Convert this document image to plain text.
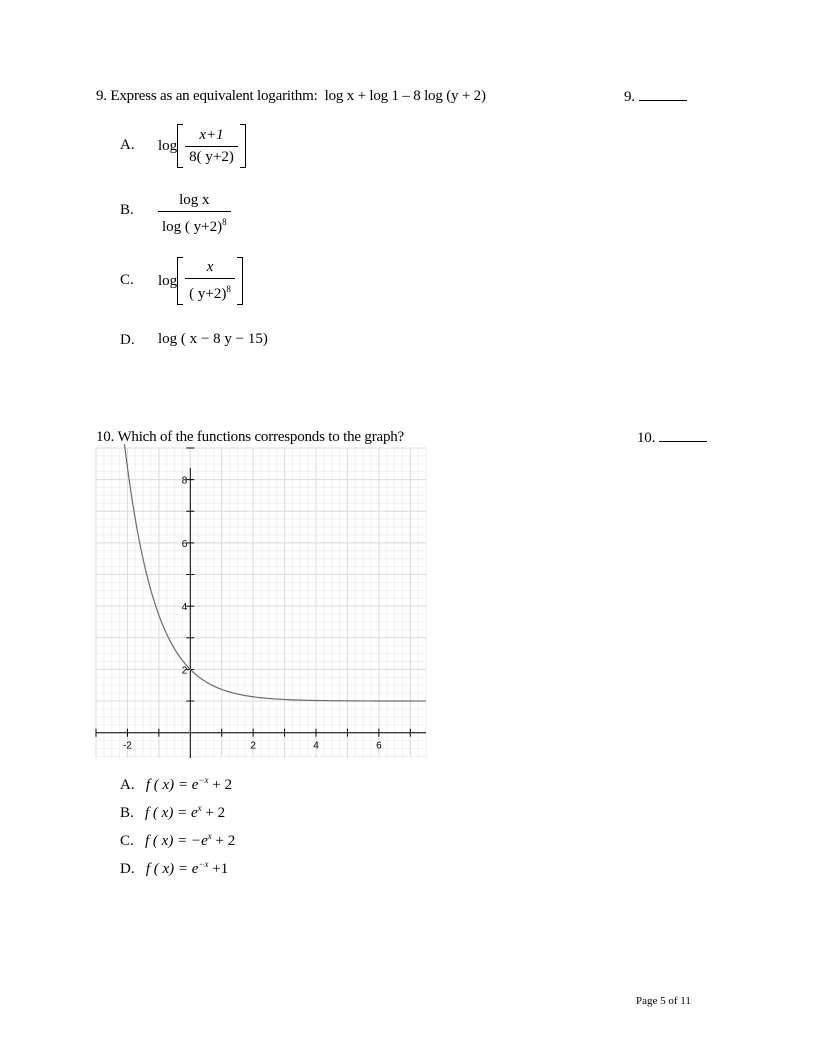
9. Express as an equivalent logarithm: log x + log 1 – 8 log (y + 2)	9.
A. $\log \frac{x+1}{8( y+2)}$
B. $\frac{\text{log x}}{\log ( y+2)^8}$
C. $\log \frac{x}{( y+2)^8}$
D. log ( x − 8 y − 15)
10. Which of the functions corresponds to the graph?	10.
-2	2	4	6
2
4
6
8
A. f ( $x) = e^{-x} + 2$
B. f ( $x) = e^x + 2$
C. f ( $x) = -e^x + 2$
D. f ( $x) = e^{-x} +1$
Page 5 of 11
